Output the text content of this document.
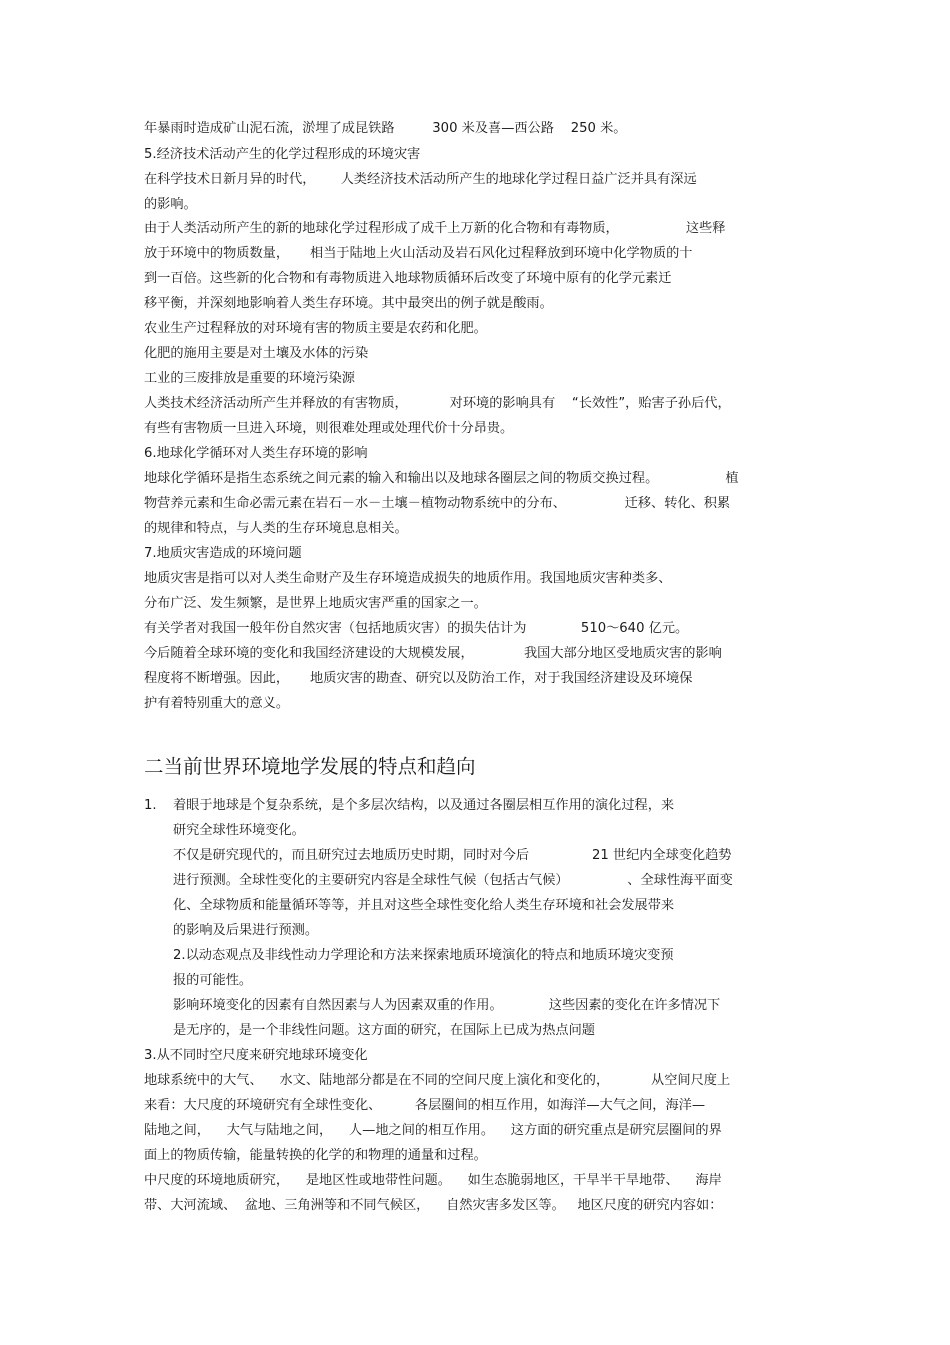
年暴雨时造成矿山泥石流，淤埋了成昆铁路         300 米及喜—西公路    250 米。

5.经济技术活动产生的化学过程形成的环境灾害

在科学技术日新月异的时代，      人类经济技术活动所产生的地球化学过程日益广泛并具有深远

的影响。

由于人类活动所产生的新的地球化学过程形成了成千上万新的化合物和有毒物质，                这些释

放于环境中的物质数量，     相当于陆地上火山活动及岩石风化过程释放到环境中化学物质的十

到一百倍。这些新的化合物和有毒物质进入地球物质循环后改变了环境中原有的化学元素迁

移平衡，并深刻地影响着人类生存环境。其中最突出的例子就是酸雨。

农业生产过程释放的对环境有害的物质主要是农药和化肥。

化肥的施用主要是对土壤及水体的污染

工业的三废排放是重要的环境污染源

人类技术经济活动所产生并释放的有害物质，          对环境的影响具有    “长效性”，贻害子孙后代，

有些有害物质一旦进入环境，则很难处理或处理代价十分昂贵。

6.地球化学循环对人类生存环境的影响

地球化学循环是指生态系统之间元素的输入和输出以及地球各圈层之间的物质交换过程。                植

物营养元素和生命必需元素在岩石－水－土壤－植物动物系统中的分布、              迁移、转化、积累

的规律和特点，与人类的生存环境息息相关。

7.地质灾害造成的环境问题

地质灾害是指可以对人类生命财产及生存环境造成损失的地质作用。我国地质灾害种类多、

分布广泛、发生频繁，是世界上地质灾害严重的国家之一。

有关学者对我国一般年份自然灾害（包括地质灾害）的损失估计为             510～640 亿元。

今后随着全球环境的变化和我国经济建设的大规模发展，            我国大部分地区受地质灾害的影响

程度将不断增强。因此，     地质灾害的勘查、研究以及防治工作，对于我国经济建设及环境保

护有着特别重大的意义。

二当前世界环境地学发展的特点和趋向
1. 着眼于地球是个复杂系统，是个多层次结构，以及通过各圈层相互作用的演化过程，来

研究全球性环境变化。

不仅是研究现代的，而且研究过去地质历史时期，同时对今后               21 世纪内全球变化趋势

进行预测。全球性变化的主要研究内容是全球性气候（包括古气候）              、全球性海平面变

化、全球物质和能量循环等等，并且对这些全球性变化给人类生存环境和社会发展带来

的影响及后果进行预测。

2.以动态观点及非线性动力学理论和方法来探索地质环境演化的特点和地质环境灾变预

报的可能性。

影响环境变化的因素有自然因素与人为因素双重的作用。           这些因素的变化在许多情况下

是无序的，是一个非线性问题。这方面的研究，在国际上已成为热点问题

3.从不同时空尺度来研究地球环境变化

地球系统中的大气、    水文、陆地部分都是在不同的空间尺度上演化和变化的，          从空间尺度上

来看：大尺度的环境研究有全球性变化、        各层圈间的相互作用，如海洋—大气之间，海洋—

陆地之间，    大气与陆地之间，    人—地之间的相互作用。    这方面的研究重点是研究层圈间的界

面上的物质传输，能量转换的化学的和物理的通量和过程。

中尺度的环境地质研究，    是地区性或地带性问题。    如生态脆弱地区，干旱半干旱地带、    海岸

带、大河流域、  盆地、三角洲等和不同气候区，    自然灾害多发区等。   地区尺度的研究内容如：
